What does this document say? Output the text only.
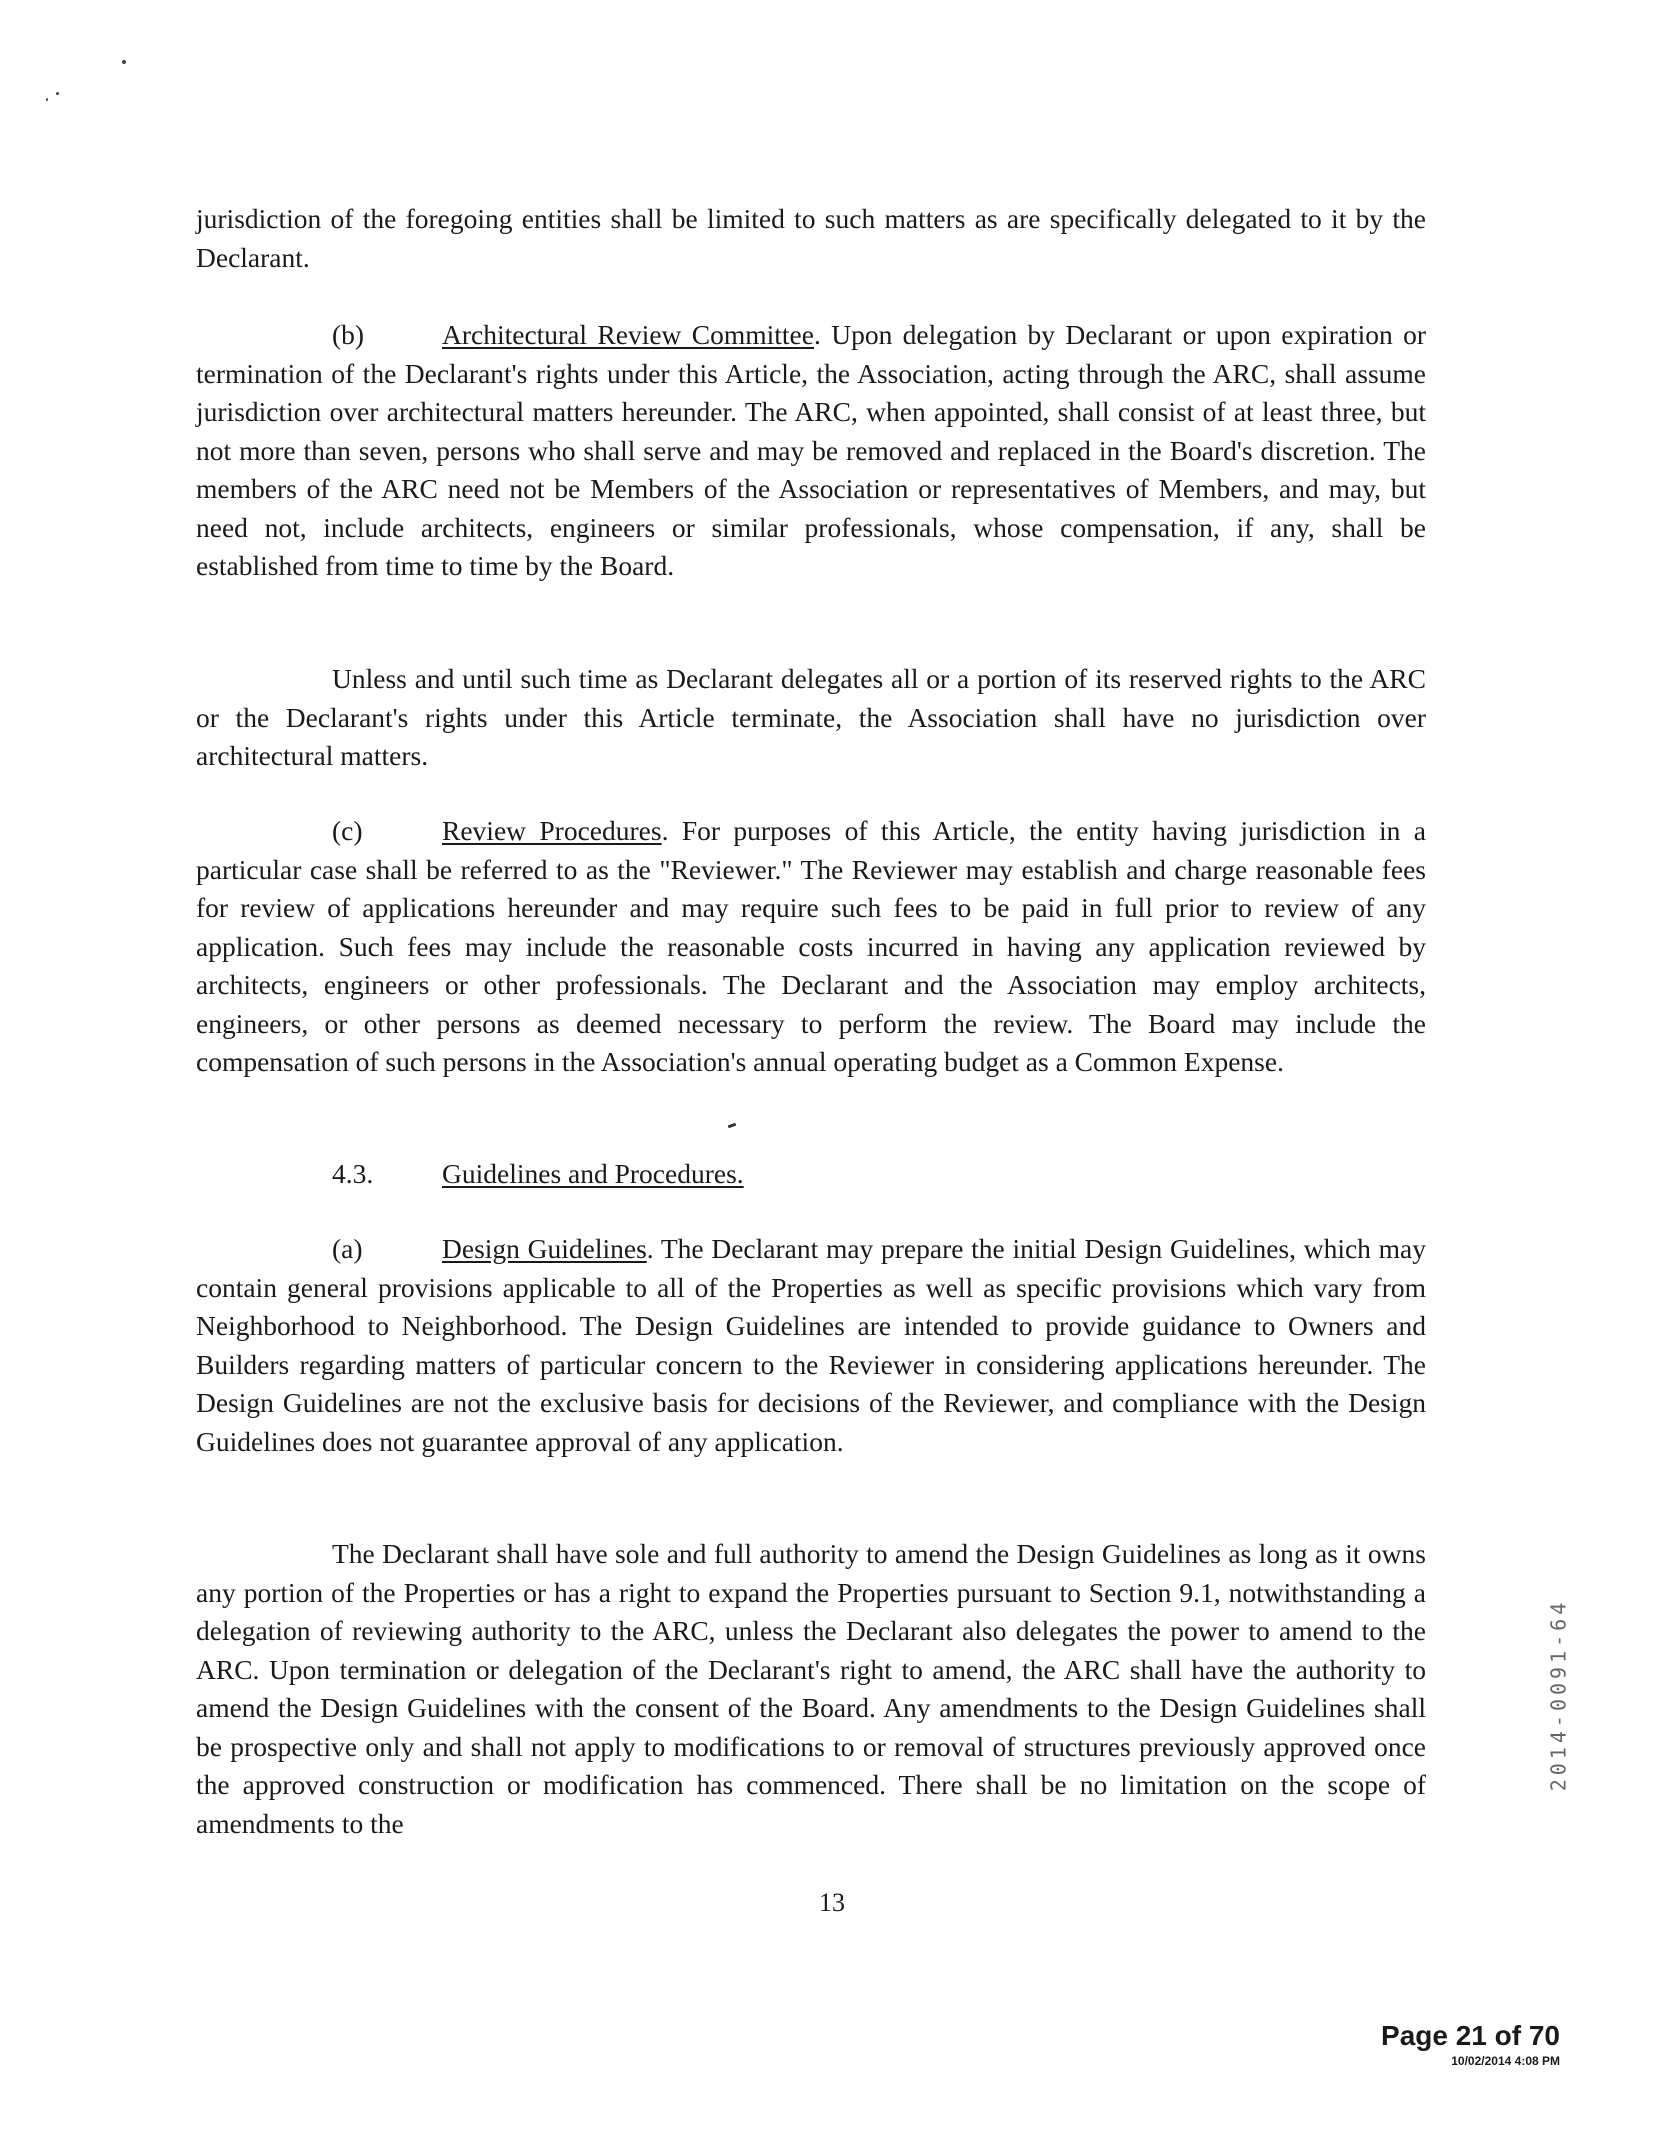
jurisdiction of the foregoing entities shall be limited to such matters as are specifically delegated to it by the Declarant.

(b)	Architectural Review Committee. Upon delegation by Declarant or upon expiration or termination of the Declarant's rights under this Article, the Association, acting through the ARC, shall assume jurisdiction over architectural matters hereunder. The ARC, when appointed, shall consist of at least three, but not more than seven, persons who shall serve and may be removed and replaced in the Board's discretion. The members of the ARC need not be Members of the Association or representatives of Members, and may, but need not, include architects, engineers or similar professionals, whose compensation, if any, shall be established from time to time by the Board.

Unless and until such time as Declarant delegates all or a portion of its reserved rights to the ARC or the Declarant's rights under this Article terminate, the Association shall have no jurisdiction over architectural matters.

(c)	Review Procedures. For purposes of this Article, the entity having jurisdiction in a particular case shall be referred to as the "Reviewer." The Reviewer may establish and charge reasonable fees for review of applications hereunder and may require such fees to be paid in full prior to review of any application. Such fees may include the reasonable costs incurred in having any application reviewed by architects, engineers or other professionals. The Declarant and the Association may employ architects, engineers, or other persons as deemed necessary to perform the review. The Board may include the compensation of such persons in the Association's annual operating budget as a Common Expense.

4.3.	Guidelines and Procedures.

(a)	Design Guidelines. The Declarant may prepare the initial Design Guidelines, which may contain general provisions applicable to all of the Properties as well as specific provisions which vary from Neighborhood to Neighborhood. The Design Guidelines are intended to provide guidance to Owners and Builders regarding matters of particular concern to the Reviewer in considering applications hereunder. The Design Guidelines are not the exclusive basis for decisions of the Reviewer, and compliance with the Design Guidelines does not guarantee approval of any application.

The Declarant shall have sole and full authority to amend the Design Guidelines as long as it owns any portion of the Properties or has a right to expand the Properties pursuant to Section 9.1, notwithstanding a delegation of reviewing authority to the ARC, unless the Declarant also delegates the power to amend to the ARC. Upon termination or delegation of the Declarant's right to amend, the ARC shall have the authority to amend the Design Guidelines with the consent of the Board. Any amendments to the Design Guidelines shall be prospective only and shall not apply to modifications to or removal of structures previously approved once the approved construction or modification has commenced. There shall be no limitation on the scope of amendments to the

2014-0091-64
13
Page 21 of 70
10/02/2014 4:08 PM
